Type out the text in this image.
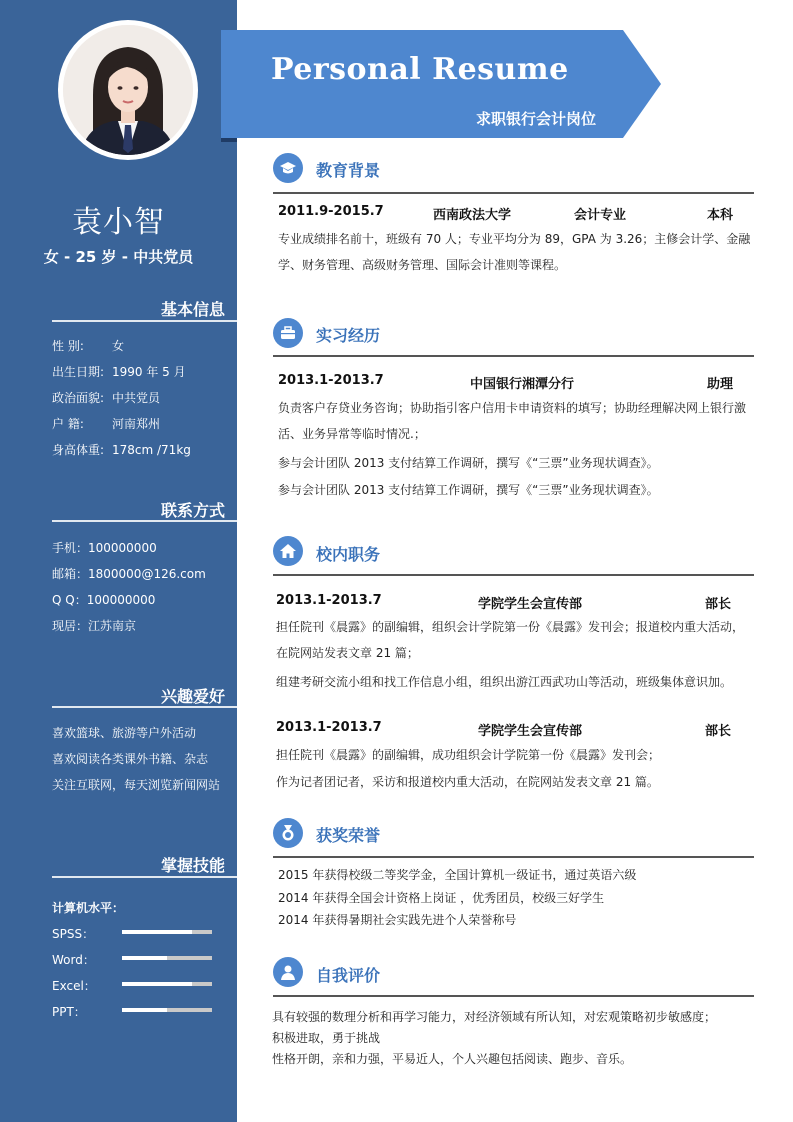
袁小智
女 - 25 岁 - 中共党员
基本信息
性 别: 女
出生日期: 1990 年 5 月
政治面貌: 中共党员
户 籍: 河南郑州
身高体重: 178cm /71kg
联系方式
手机：100000000
邮箱：1800000@126.com
Q Q：100000000
现居：江苏南京
兴趣爱好
喜欢篮球、旅游等户外活动
喜欢阅读各类课外书籍、杂志
关注互联网，每天浏览新闻网站
掌握技能
计算机水平：
SPSS：
Word：
Excel：
PPT：
Personal Resume
求职银行会计岗位
教育背景
2011.9-2015.7	西南政法大学	会计专业	本科
专业成绩排名前十，班级有 70 人；专业平均分为 89，GPA 为 3.26；主修会计学、金融学、财务管理、高级财务管理、国际会计准则等课程。
实习经历
2013.1-2013.7	中国银行湘潭分行	助理
负责客户存贷业务咨询；协助指引客户信用卡申请资料的填写；协助经理解决网上银行激活、业务异常等临时情况.；
参与会计团队 2013 支付结算工作调研，撰写《“三票”业务现状调查》。
参与会计团队 2013 支付结算工作调研，撰写《“三票”业务现状调查》。
校内职务
2013.1-2013.7	学院学生会宣传部	部长
担任院刊《晨露》的副编辑，组织会计学院第一份《晨露》发刊会；报道校内重大活动，在院网站发表文章 21 篇；
组建考研交流小组和找工作信息小组，组织出游江西武功山等活动，班级集体意识加。
2013.1-2013.7	学院学生会宣传部	部长
担任院刊《晨露》的副编辑，成功组织会计学院第一份《晨露》发刊会；
作为记者团记者，采访和报道校内重大活动，在院网站发表文章 21 篇。
获奖荣誉
2015 年获得校级二等奖学金，全国计算机一级证书，通过英语六级
2014 年获得全国会计资格上岗证 ，优秀团员，校级三好学生
2014 年获得暑期社会实践先进个人荣誉称号
自我评价
具有较强的数理分析和再学习能力，对经济领域有所认知，对宏观策略初步敏感度；
积极进取，勇于挑战
性格开朗，亲和力强，平易近人，个人兴趣包括阅读、跑步、音乐。
